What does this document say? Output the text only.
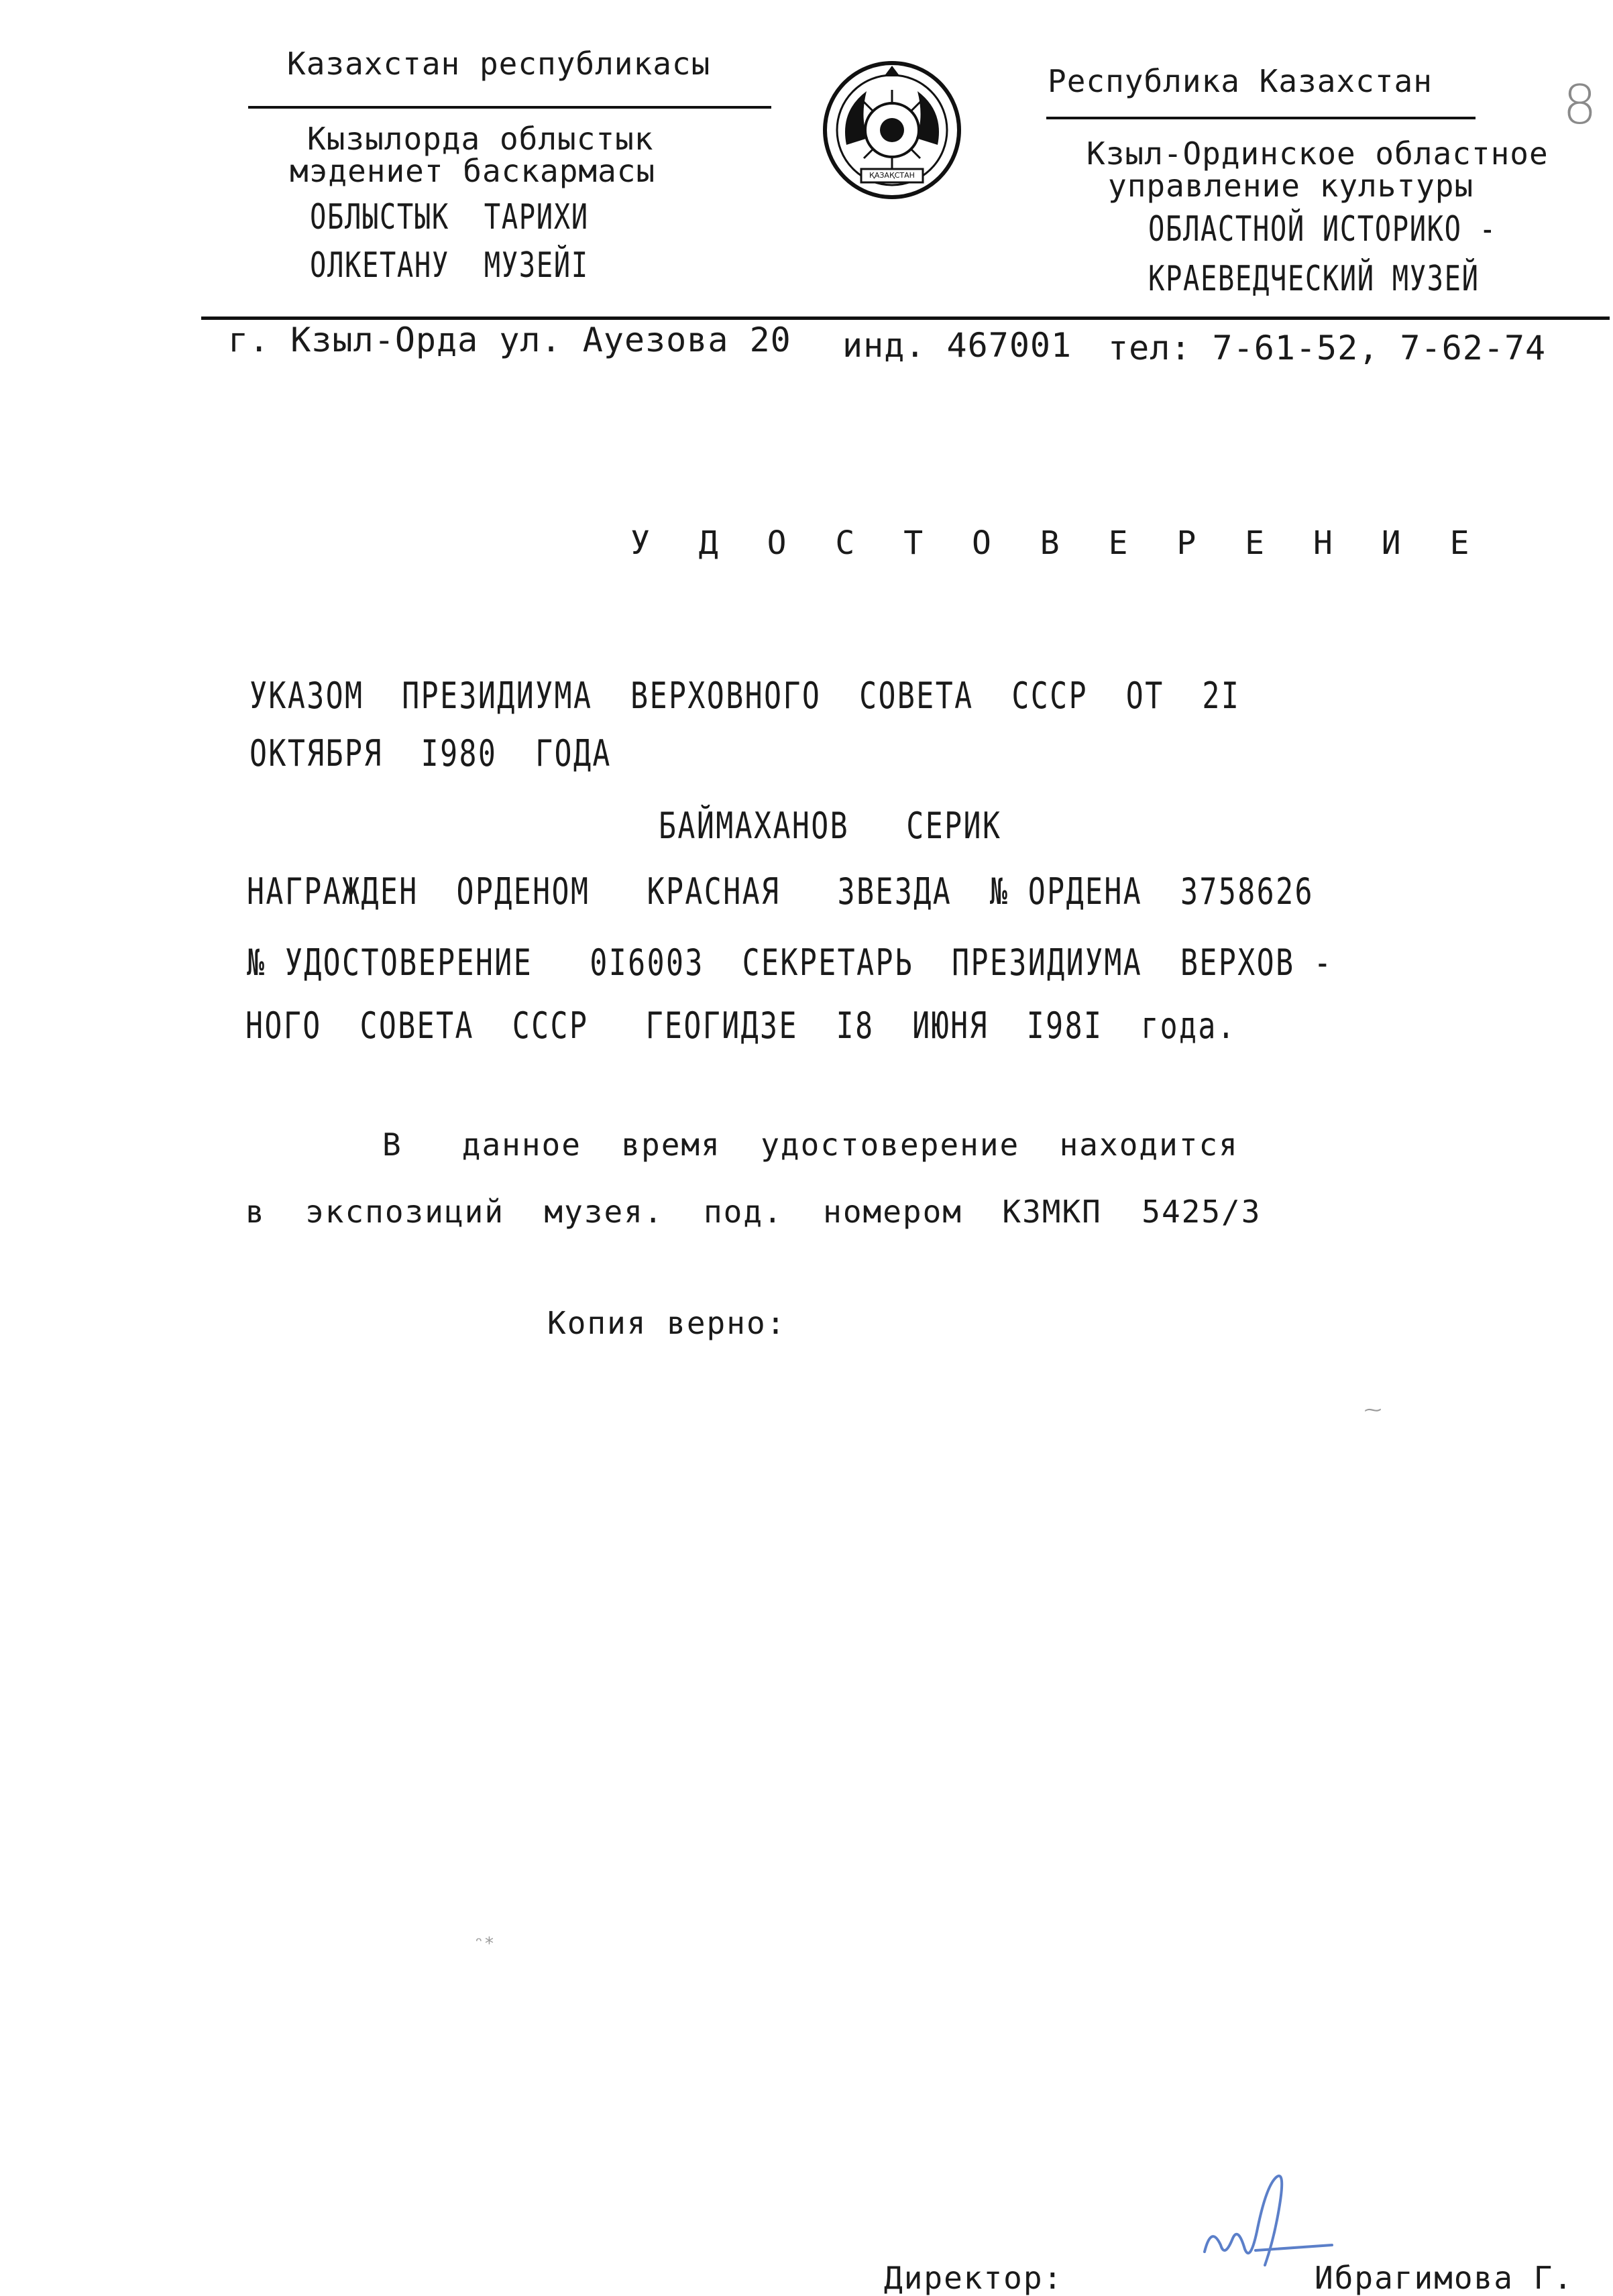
Казахстан республикасы
Кызылорда облыстык
мэдениет баскармасы
ОБЛЫСТЫК  ТАРИХИ
ОЛКЕТАНУ  МУЗЕЙI
ҚАЗАҚСТАН
Республика Казахстан
Кзыл-Ординское областное
управление культуры
ОБЛАСТНОЙ ИСТОРИКО -
КРАЕВЕДЧЕСКИЙ МУЗЕЙ
8
г. Кзыл-Орда ул. Ауезова 20 инд. 467001 тел: 7-61-52, 7-62-74
У Д О С Т О В Е Р Е Н И Е
УКАЗОМ  ПРЕЗИДИУМА  ВЕРХОВНОГО  СОВЕТА  СССР  ОТ  2I
ОКТЯБРЯ  I980  ГОДА
БАЙМАХАНОВ   СЕРИК
НАГРАЖДЕН  ОРДЕНОМ   КРАСНАЯ   ЗВЕЗДА  № ОРДЕНА  3758626
№ УДОСТОВЕРЕНИЕ   0I6003  СЕКРЕТАРЬ  ПРЕЗИДИУМА  ВЕРХОВ -
НОГО  СОВЕТА  СССР   ГЕОГИДЗЕ  I8  ИЮНЯ  I98I  года.
В   данное  время  удостоверение  находится
в  экспозиций  музея.  под.  номером  КЗМКП  5425/3
Копия верно:
Директор:	Ибрагимова Г.
ᵔ*
⁓
